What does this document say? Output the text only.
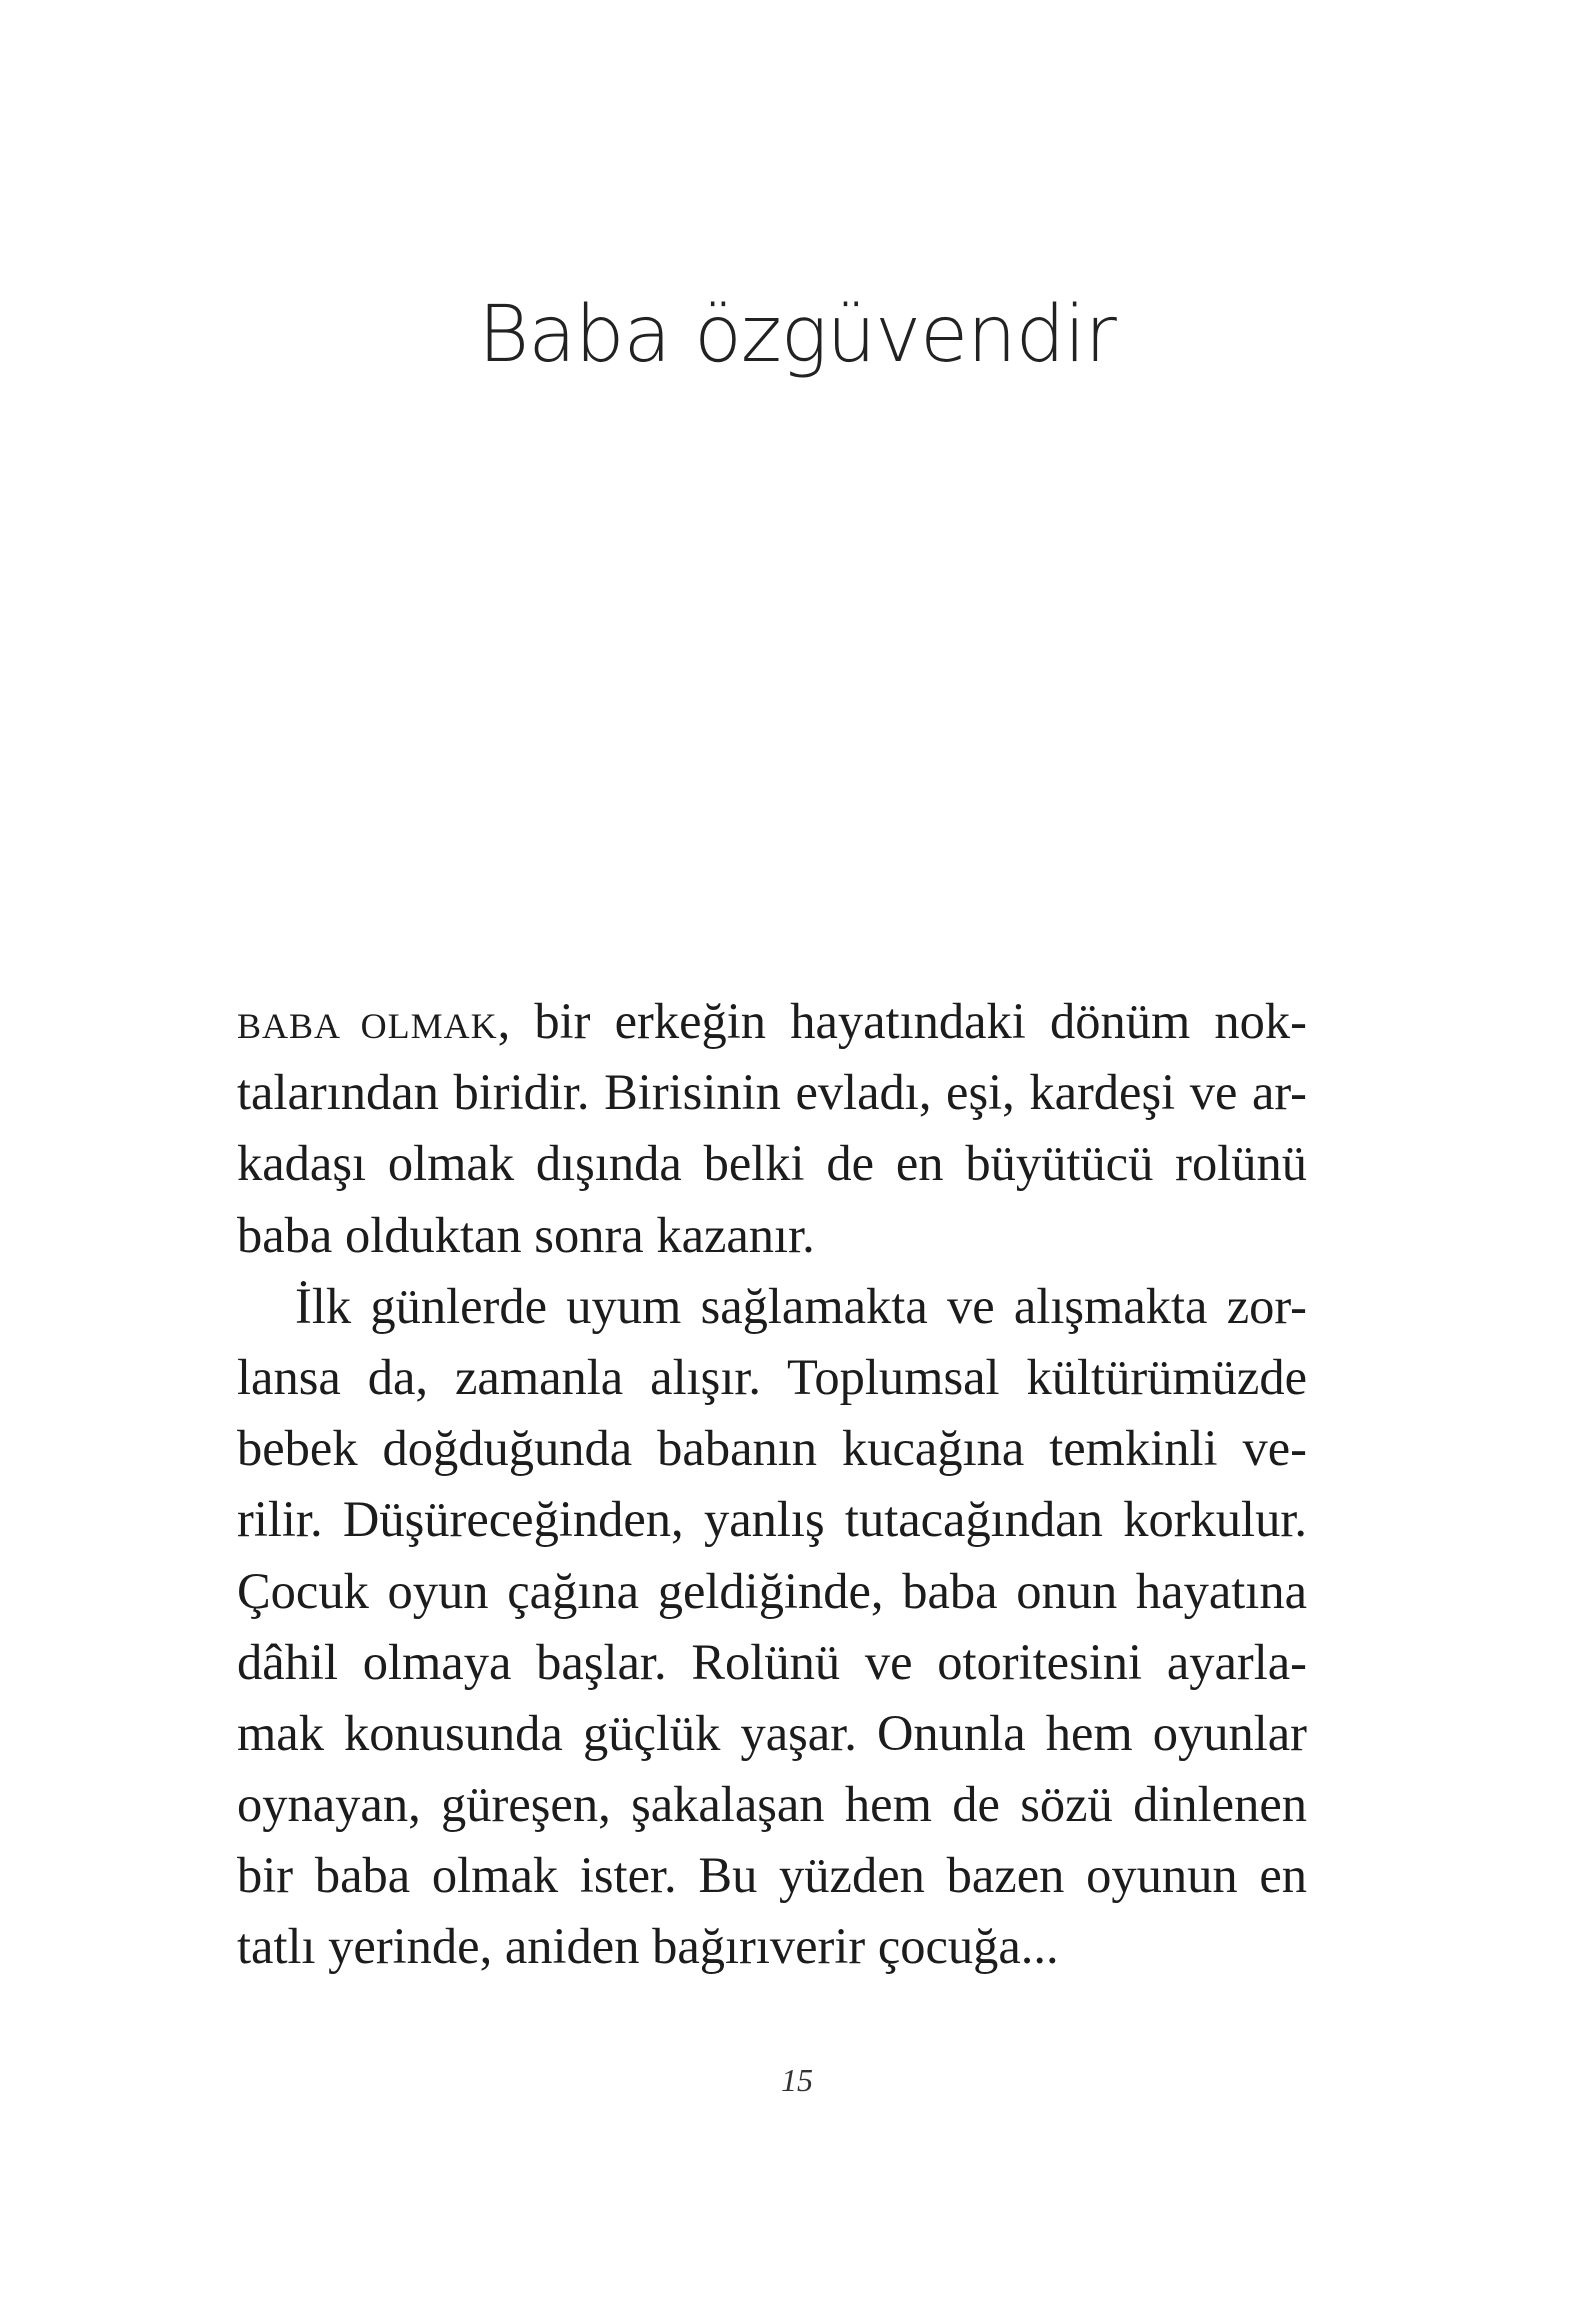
Baba özgüvendir
BABA OLMAK, bir erkeğin hayatındaki dönüm nok-
talarından biridir. Birisinin evladı, eşi, kardeşi ve ar-
kadaşı olmak dışında belki de en büyütücü rolünü
baba olduktan sonra kazanır.
İlk günlerde uyum sağlamakta ve alışmakta zor-
lansa da, zamanla alışır. Toplumsal kültürümüzde
bebek doğduğunda babanın kucağına temkinli ve-
rilir. Düşüreceğinden, yanlış tutacağından korkulur.
Çocuk oyun çağına geldiğinde, baba onun hayatına
dâhil olmaya başlar. Rolünü ve otoritesini ayarla-
mak konusunda güçlük yaşar. Onunla hem oyunlar
oynayan, güreşen, şakalaşan hem de sözü dinlenen
bir baba olmak ister. Bu yüzden bazen oyunun en
tatlı yerinde, aniden bağırıverir çocuğa...
15
